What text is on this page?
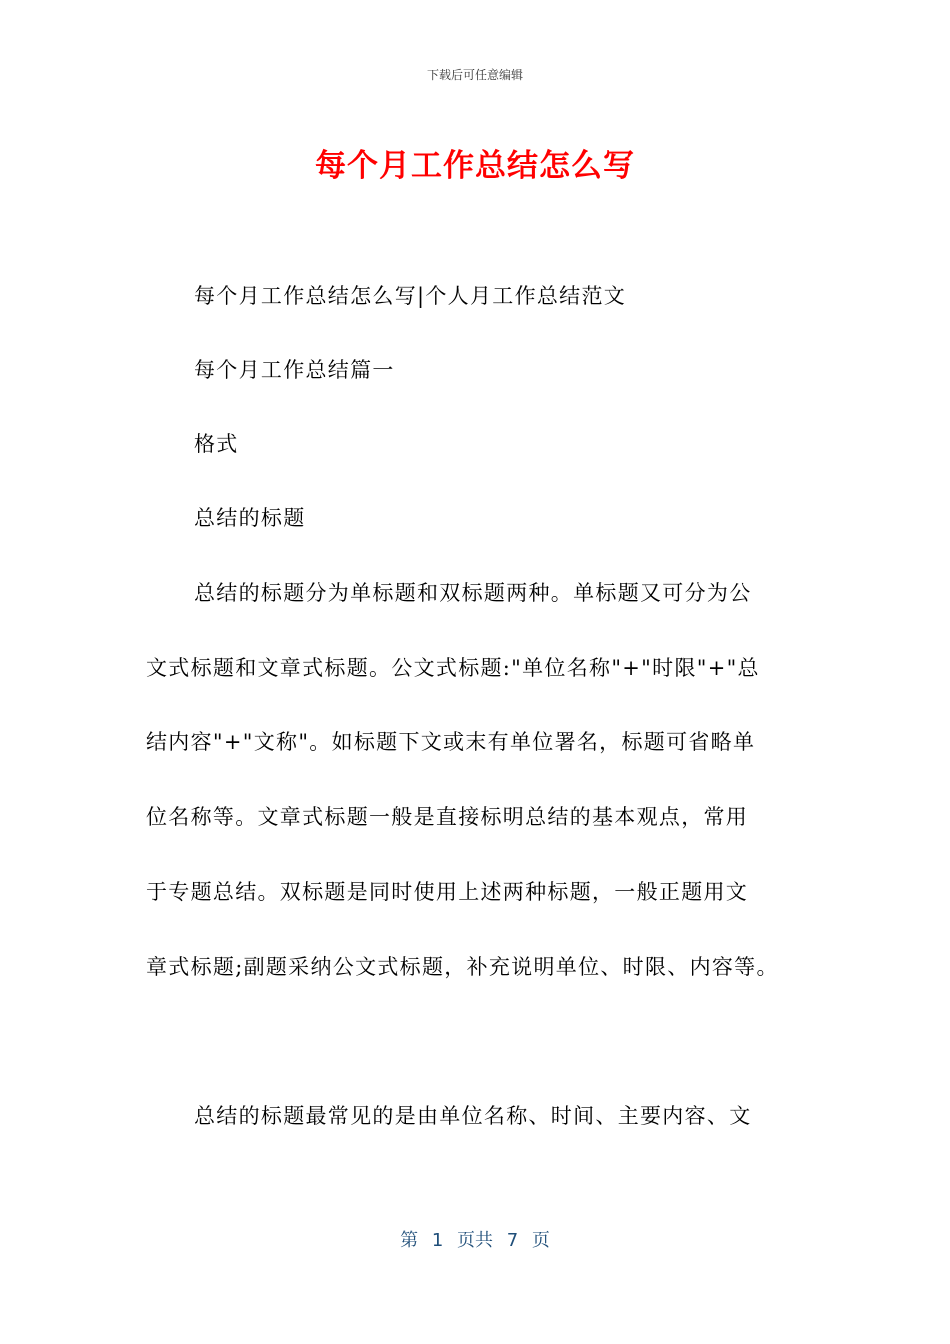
下载后可任意编辑
每个月工作总结怎么写
每个月工作总结怎么写|个人月工作总结范文
每个月工作总结篇一
格式
总结的标题
总结的标题分为单标题和双标题两种。单标题又可分为公
文式标题和文章式标题。公文式标题:"单位名称"+"时限"+"总
结内容"+"文称"。如标题下文或末有单位署名，标题可省略单
位名称等。文章式标题一般是直接标明总结的基本观点，常用
于专题总结。双标题是同时使用上述两种标题，一般正题用文
章式标题;副题采纳公文式标题，补充说明单位、时限、内容等。
总结的标题最常见的是由单位名称、时间、主要内容、文
第 1 页共 7 页
